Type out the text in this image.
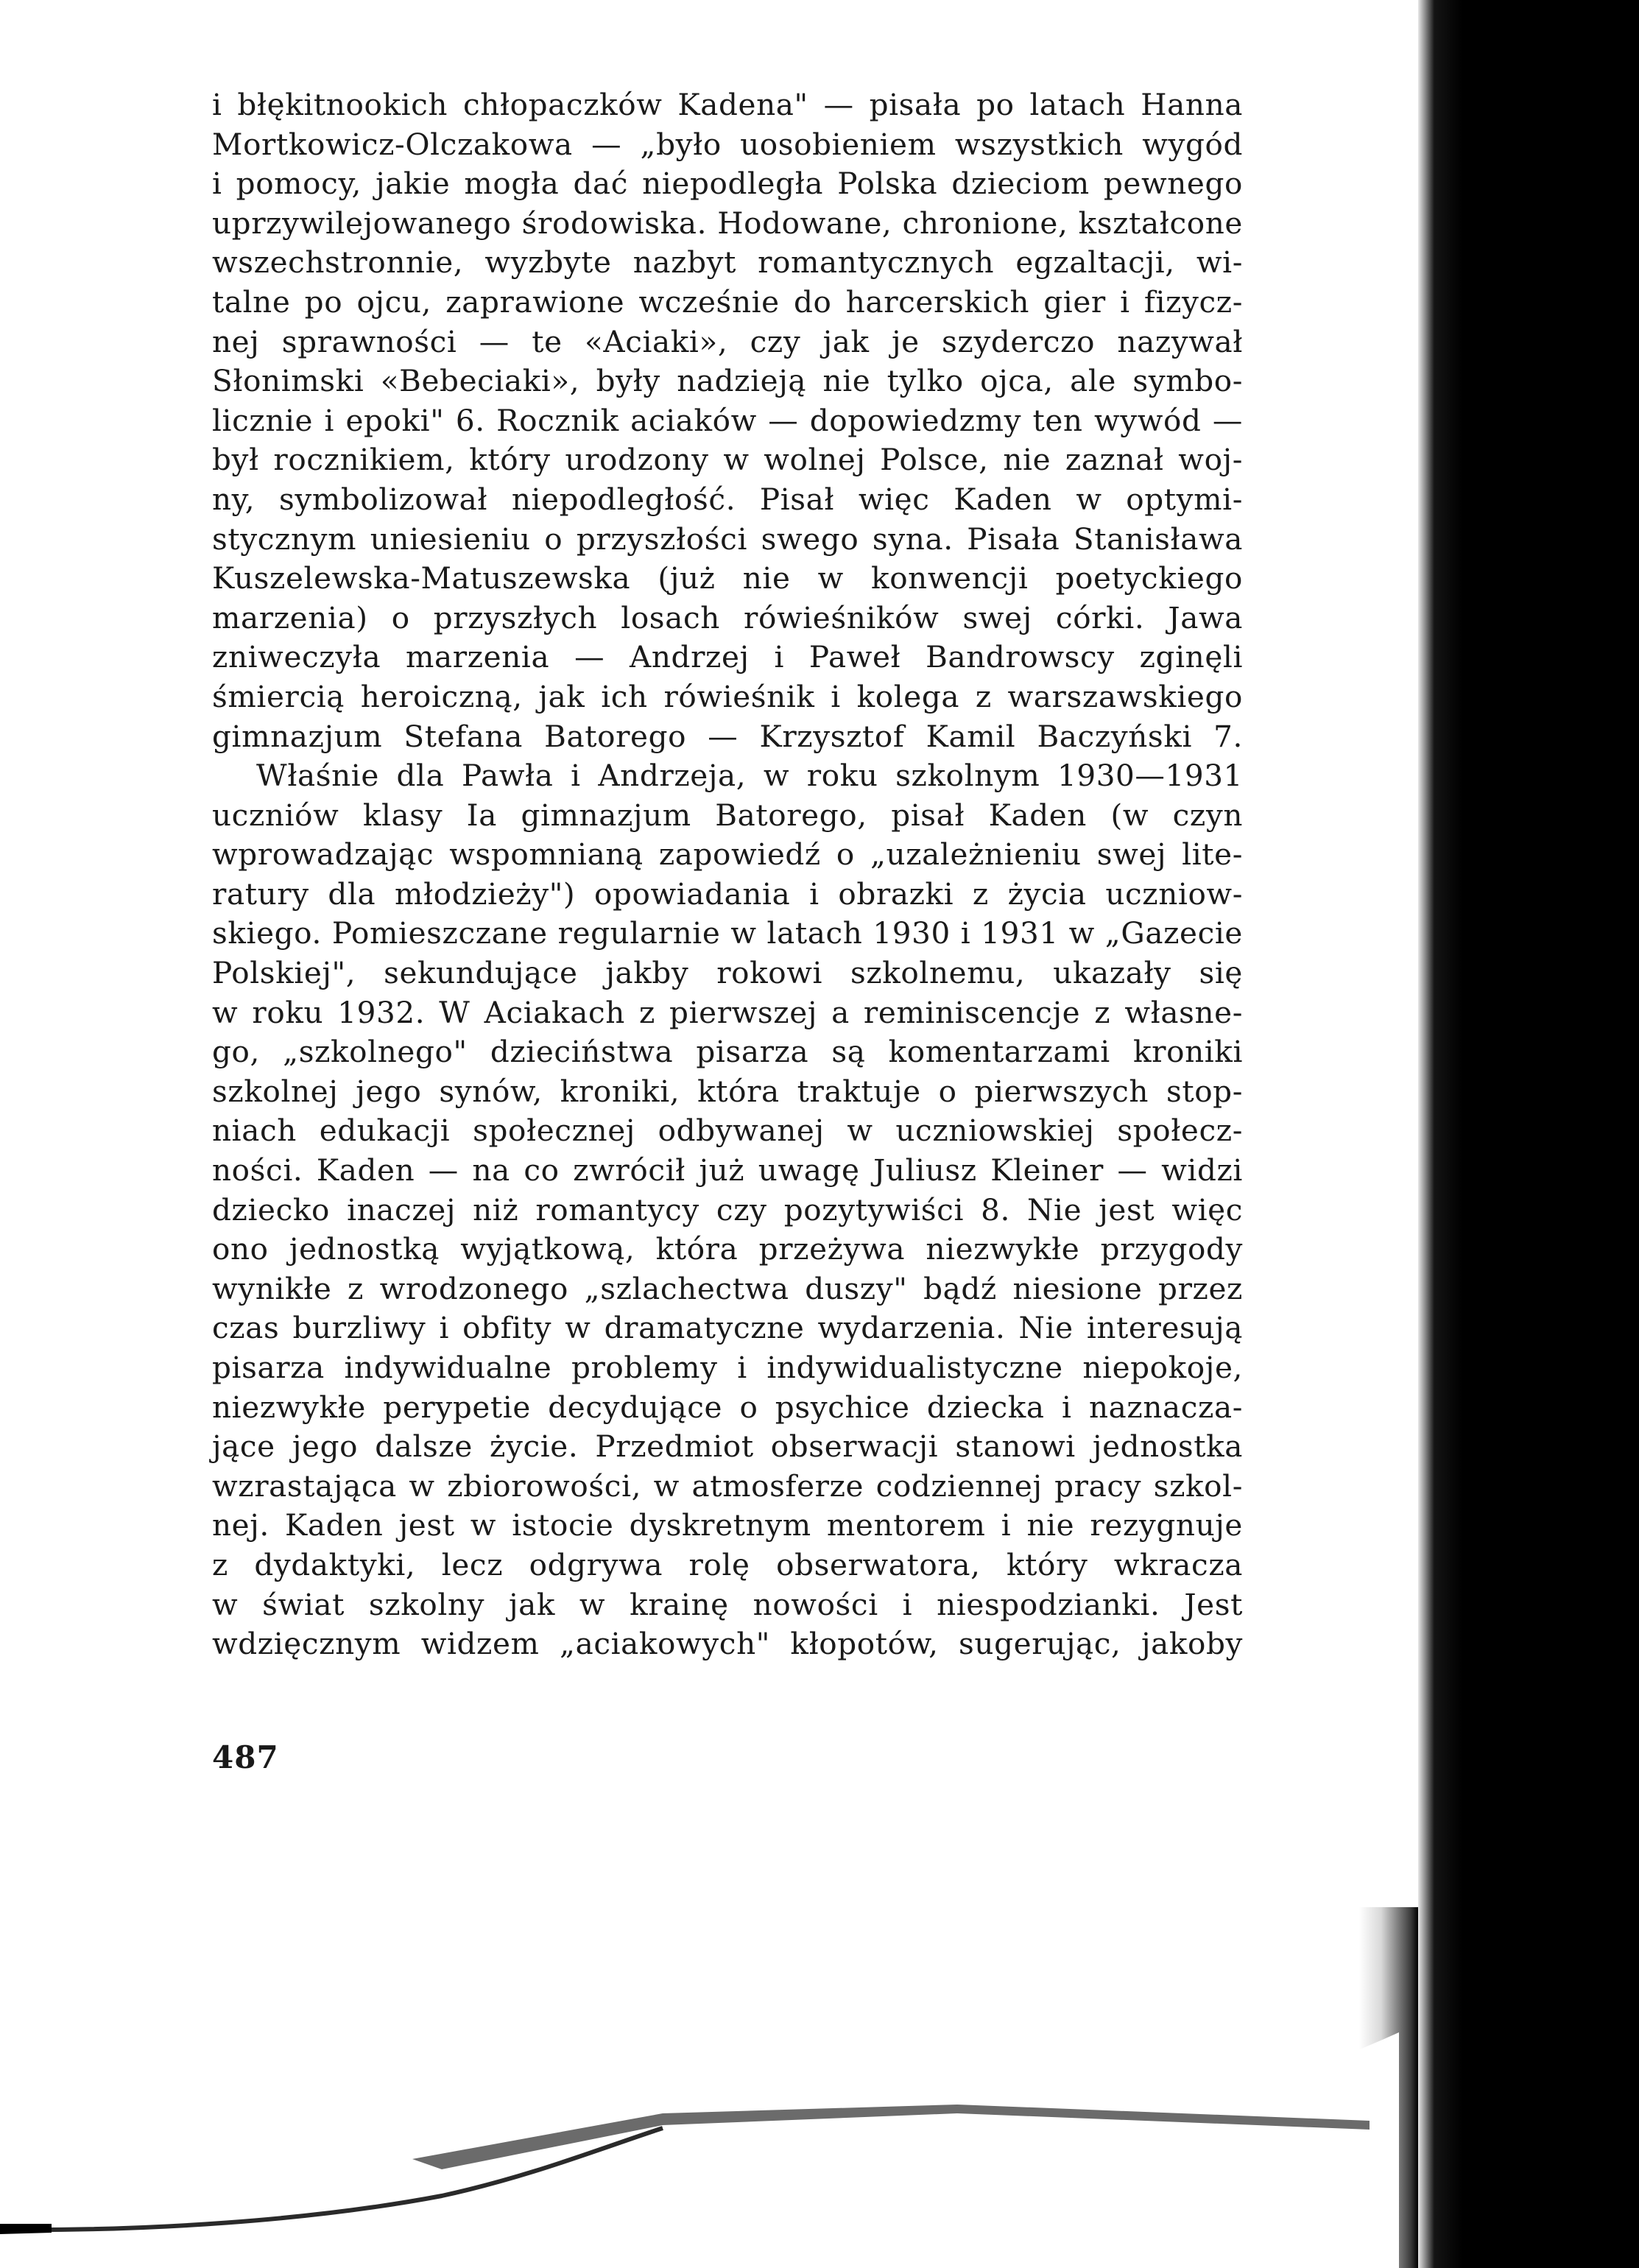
i błękitnookich chłopaczków Kadena" — pisała po latach Hanna
Mortkowicz-Olczakowa — „było uosobieniem wszystkich wygód
i pomocy, jakie mogła dać niepodległa Polska dzieciom pewnego
uprzywilejowanego środowiska. Hodowane, chronione, kształcone
wszechstronnie, wyzbyte nazbyt romantycznych egzaltacji, wi-
talne po ojcu, zaprawione wcześnie do harcerskich gier i fizycz-
nej sprawności — te «Aciaki», czy jak je szyderczo nazywał
Słonimski «Bebeciaki», były nadzieją nie tylko ojca, ale symbo-
licznie i epoki" 6. Rocznik aciaków — dopowiedzmy ten wywód —
był rocznikiem, który urodzony w wolnej Polsce, nie zaznał woj-
ny, symbolizował niepodległość. Pisał więc Kaden w optymi-
stycznym uniesieniu o przyszłości swego syna. Pisała Stanisława
Kuszelewska-Matuszewska (już nie w konwencji poetyckiego
marzenia) o przyszłych losach rówieśników swej córki. Jawa
zniweczyła marzenia — Andrzej i Paweł Bandrowscy zginęli
śmiercią heroiczną, jak ich rówieśnik i kolega z warszawskiego
gimnazjum Stefana Batorego — Krzysztof Kamil Baczyński 7.
Właśnie dla Pawła i Andrzeja, w roku szkolnym 1930—1931
uczniów klasy Ia gimnazjum Batorego, pisał Kaden (w czyn
wprowadzając wspomnianą zapowiedź o „uzależnieniu swej lite-
ratury dla młodzieży") opowiadania i obrazki z życia uczniow-
skiego. Pomieszczane regularnie w latach 1930 i 1931 w „Gazecie
Polskiej", sekundujące jakby rokowi szkolnemu, ukazały się
w roku 1932. W Aciakach z pierwszej a reminiscencje z własne-
go, „szkolnego" dzieciństwa pisarza są komentarzami kroniki
szkolnej jego synów, kroniki, która traktuje o pierwszych stop-
niach edukacji społecznej odbywanej w uczniowskiej społecz-
ności. Kaden — na co zwrócił już uwagę Juliusz Kleiner — widzi
dziecko inaczej niż romantycy czy pozytywiści 8. Nie jest więc
ono jednostką wyjątkową, która przeżywa niezwykłe przygody
wynikłe z wrodzonego „szlachectwa duszy" bądź niesione przez
czas burzliwy i obfity w dramatyczne wydarzenia. Nie interesują
pisarza indywidualne problemy i indywidualistyczne niepokoje,
niezwykłe perypetie decydujące o psychice dziecka i naznacza-
jące jego dalsze życie. Przedmiot obserwacji stanowi jednostka
wzrastająca w zbiorowości, w atmosferze codziennej pracy szkol-
nej. Kaden jest w istocie dyskretnym mentorem i nie rezygnuje
z dydaktyki, lecz odgrywa rolę obserwatora, który wkracza
w świat szkolny jak w krainę nowości i niespodzianki. Jest
wdzięcznym widzem „aciakowych" kłopotów, sugerując, jakoby
487
